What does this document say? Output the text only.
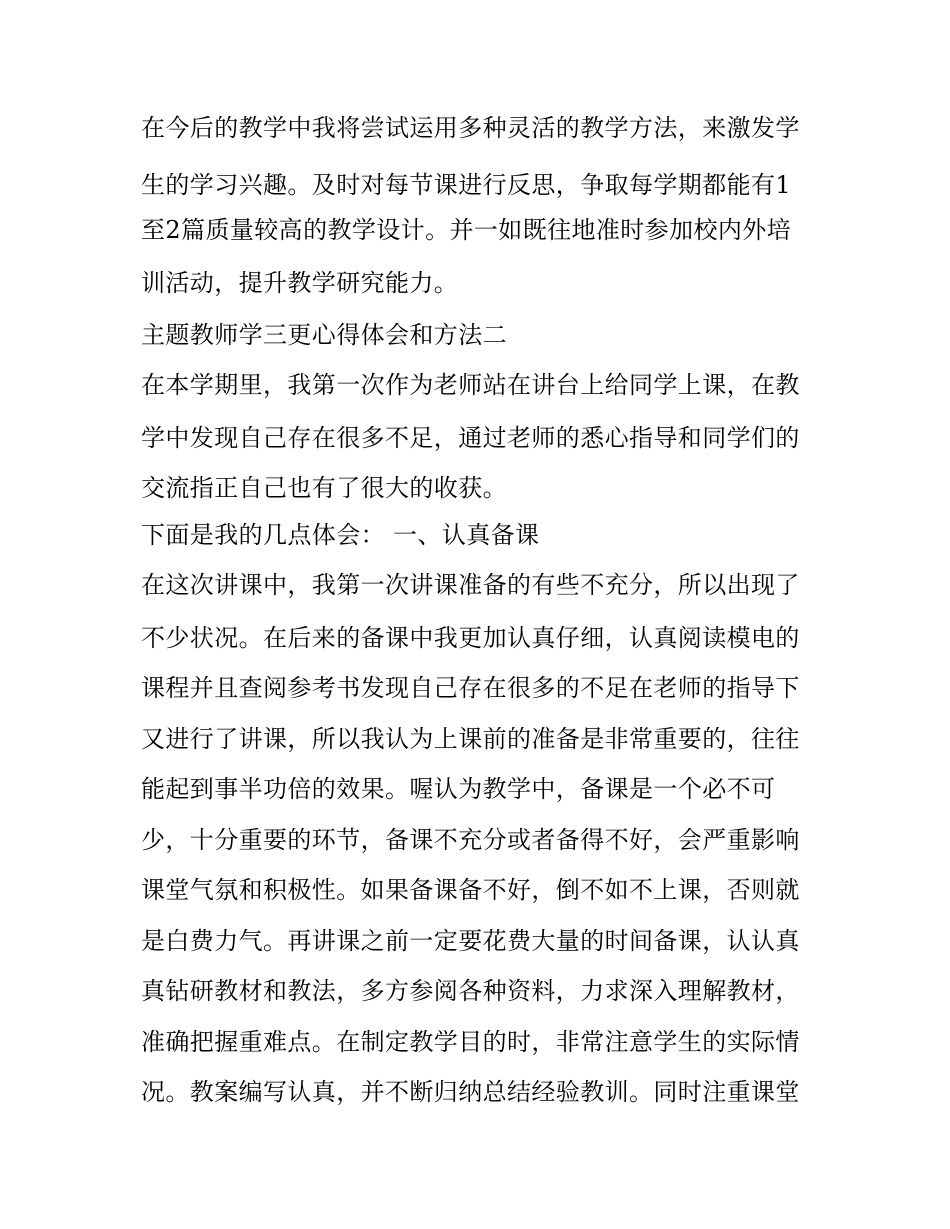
在今后的教学中我将尝试运用多种灵活的教学方法，来激发学
生的学习兴趣。及时对每节课进行反思，争取每学期都能有1
至2篇质量较高的教学设计。并一如既往地准时参加校内外培
训活动，提升教学研究能力。
主题教师学三更心得体会和方法二
在本学期里，我第一次作为老师站在讲台上给同学上课，在教
学中发现自己存在很多不足，通过老师的悉心指导和同学们的
交流指正自己也有了很大的收获。
下面是我的几点体会： 一、认真备课
在这次讲课中，我第一次讲课准备的有些不充分，所以出现了
不少状况。在后来的备课中我更加认真仔细，认真阅读模电的
课程并且查阅参考书发现自己存在很多的不足在老师的指导下
又进行了讲课，所以我认为上课前的准备是非常重要的，往往
能起到事半功倍的效果。喔认为教学中，备课是一个必不可
少，十分重要的环节，备课不充分或者备得不好，会严重影响
课堂气氛和积极性。如果备课备不好，倒不如不上课，否则就
是白费力气。再讲课之前一定要花费大量的时间备课，认认真
真钻研教材和教法，多方参阅各种资料，力求深入理解教材，
准确把握重难点。在制定教学目的时，非常注意学生的实际情
况。教案编写认真，并不断归纳总结经验教训。同时注重课堂
